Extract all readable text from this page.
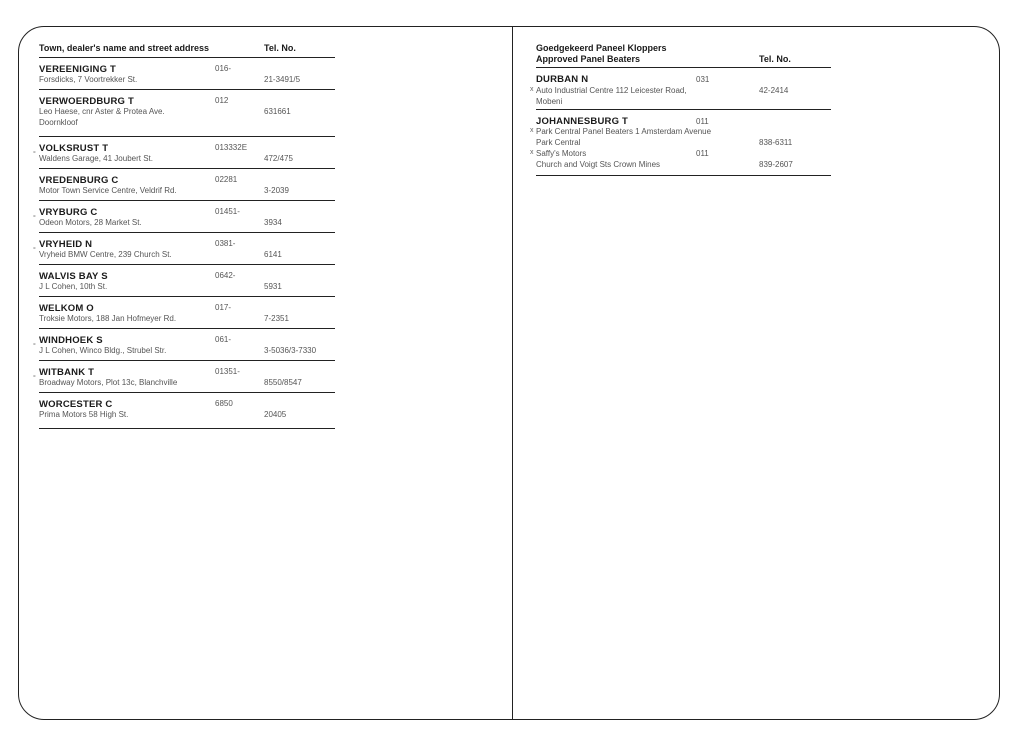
Town, dealer's name and street address	Tel. No.
VEREENIGING T	016-
Forsdicks, 7 Voortrekker St.	21-3491/5
VERWOERDBURG T	012
Leo Haese, cnr Aster & Protea Ave.
Doornkloof
631661
VOLKSRUST T	013332E
° Waldens Garage, 41 Joubert St.	472/475
VREDENBURG C	02281
Motor Town Service Centre, Veldrif Rd.	3-2039
VRYBURG C	01451-
° Odeon Motors, 28 Market St.	3934
VRYHEID N	0381-
° Vryheid BMW Centre, 239 Church St.	6141
WALVIS BAY S	0642-
J L Cohen, 10th St.	5931
WELKOM O	017-
Troksie Motors, 188 Jan Hofmeyer Rd.	7-2351
WINDHOEK S	061-
° J L Cohen, Winco Bldg., Strubel Str.	3-5036/3-7330
WITBANK T	01351-
° Broadway Motors, Plot 13c, Blanchville	8550/8547
WORCESTER C	6850
Prima Motors 58 High St.	20405
Goedgekeerd Paneel Kloppers
Approved Panel Beaters	Tel. No.
DURBAN N	031
x Auto Industrial Centre 112 Leicester Road,
Mobeni
42-2414
JOHANNESBURG T	011
x Park Central Panel Beaters 1 Amsterdam Avenue
Park Central	838-6311
x Saffy's Motors	011
Church and Voigt Sts Crown Mines	839-2607
